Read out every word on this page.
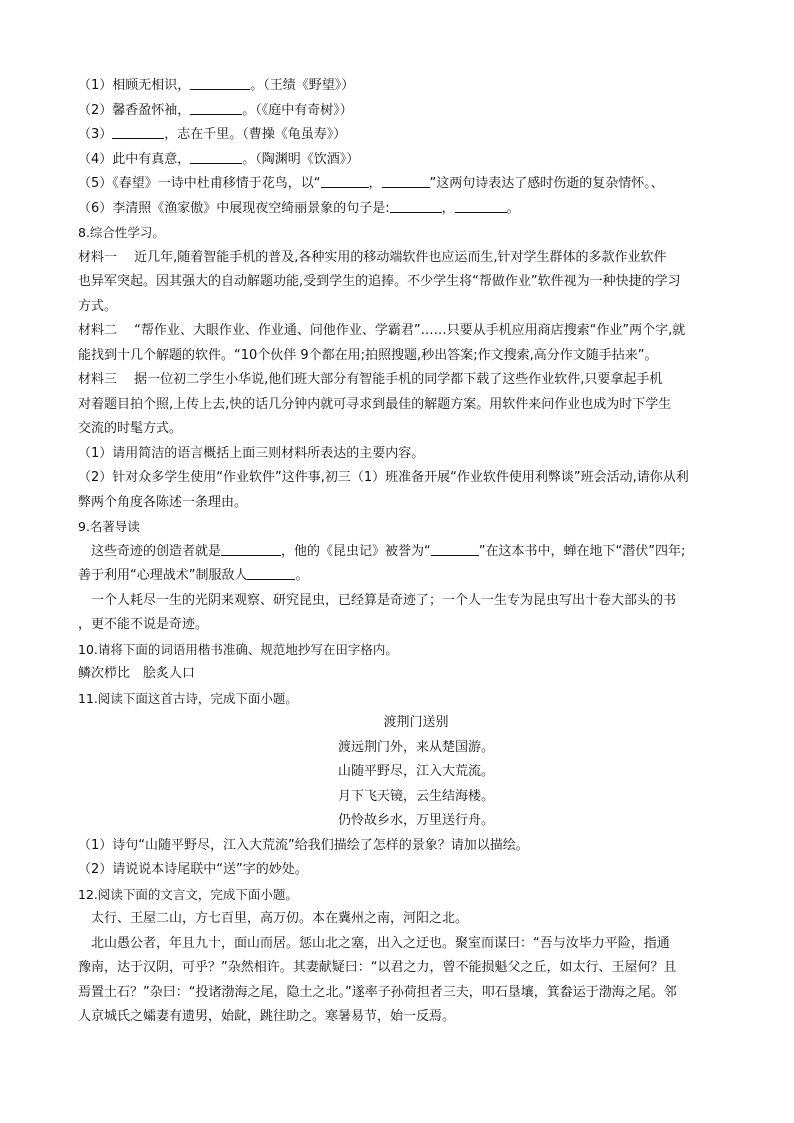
（1）相顾无相识，	。（王绩《野望》）
（2）馨香盈怀袖，	。（《庭中有奇树》）
（3）	，志在千里。（曹操《龟虽寿》）
（4）此中有真意，	。（陶渊明《饮酒》）
（5）《春望》一诗中杜甫移情于花鸟，以“	，	”这两句诗表达了感时伤逝的复杂情怀。、
（6）李清照《渔家傲》中展现夜空绮丽景象的句子是:	，	。
8.综合性学习。
材料一　 近几年,随着智能手机的普及,各种实用的移动端软件也应运而生,针对学生群体的多款作业软件
也异军突起。因其强大的自动解题功能,受到学生的追捧。不少学生将“帮做作业”软件视为一种快捷的学习
方式。
材料二　 “帮作业、大眼作业、作业通、问他作业、学霸君”……只要从手机应用商店搜索“作业”两个字,就
能找到十几个解题的软件。“10个伙伴 9个都在用;拍照搜题,秒出答案;作文搜索,高分作文随手拈来”。
材料三　 据一位初二学生小华说,他们班大部分有智能手机的同学都下载了这些作业软件,只要拿起手机
对着题目拍个照,上传上去,快的话几分钟内就可寻求到最佳的解题方案。用软件来问作业也成为时下学生
交流的时髦方式。
（1）请用简洁的语言概括上面三则材料所表达的主要内容。
（2）针对众多学生使用“作业软件”这件事,初三（1）班准备开展“作业软件使用利弊谈”班会活动,请你从利
弊两个角度各陈述一条理由。
9.名著导读
这些奇迹的创造者就是	，他的《昆虫记》被誉为“	”在这本书中，蝉在地下“潜伏”四年;
善于利用“心理战术”制服敌人	。
一个人耗尽一生的光阴来观察、研究昆虫，已经算是奇迹了；一个人一生专为昆虫写出十卷大部头的书
，更不能不说是奇迹。
10.请将下面的词语用楷书准确、规范地抄写在田字格内。
鳞次栉比　脍炙人口
11.阅读下面这首古诗，完成下面小题。
渡荆门送别
渡远荆门外，来从楚国游。
山随平野尽，江入大荒流。
月下飞天镜，云生结海楼。
仍怜故乡水，万里送行舟。
（1）诗句“山随平野尽，江入大荒流”给我们描绘了怎样的景象？请加以描绘。
（2）请说说本诗尾联中“送”字的妙处。
12.阅读下面的文言文，完成下面小题。
太行、王屋二山，方七百里，高万仞。本在冀州之南，河阳之北。
北山愚公者，年且九十，面山而居。惩山北之塞，出入之迂也。聚室而谋曰：“吾与汝毕力平险，指通
豫南，达于汉阴，可乎？”杂然相许。其妻献疑曰：“以君之力，曾不能损魁父之丘，如太行、王屋何？且
焉置土石？”杂曰：“投诸渤海之尾，隐土之北。”遂率子孙荷担者三夫，叩石垦壤，箕畚运于渤海之尾。邻
人京城氏之孀妻有遗男，始龀，跳往助之。寒暑易节，始一反焉。
